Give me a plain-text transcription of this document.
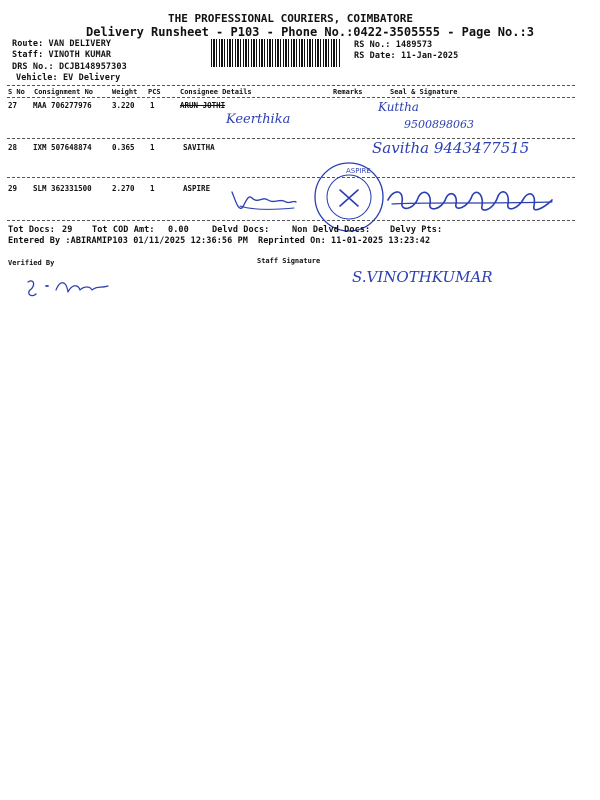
THE PROFESSIONAL COURIERS, COIMBATORE
Delivery Runsheet - P103 - Phone No.:0422-3505555 - Page No.:3
Route: VAN DELIVERY
Staff: VINOTH KUMAR
DRS No.: DCJB148957303
Vehicle: EV Delivery
RS No.: 1489573
RS Date: 11-Jan-2025
S No Consignment No	Weight PCS	Consignee Details	Remarks	Seal & Signature
27 MAA 706277976	3.220 1	ARUN JOTHI
Keerthika
Kuttha
9500898063
28 IXM 507648874	0.365 1	SAVITHA	Savitha 9443477515
29 SLM 362331500	2.270 1	ASPIRE
ASPIRE
Tot Docs: 29 Tot COD Amt: 0.00	Delvd Docs:	Non Delvd Docs: Delvy Pts:
Entered By :ABIRAMIP103 01/11/2025 12:36:56 PM Reprinted On: 11-01-2025 13:23:42
Verified By	Staff Signature
S.VINOTHKUMAR
